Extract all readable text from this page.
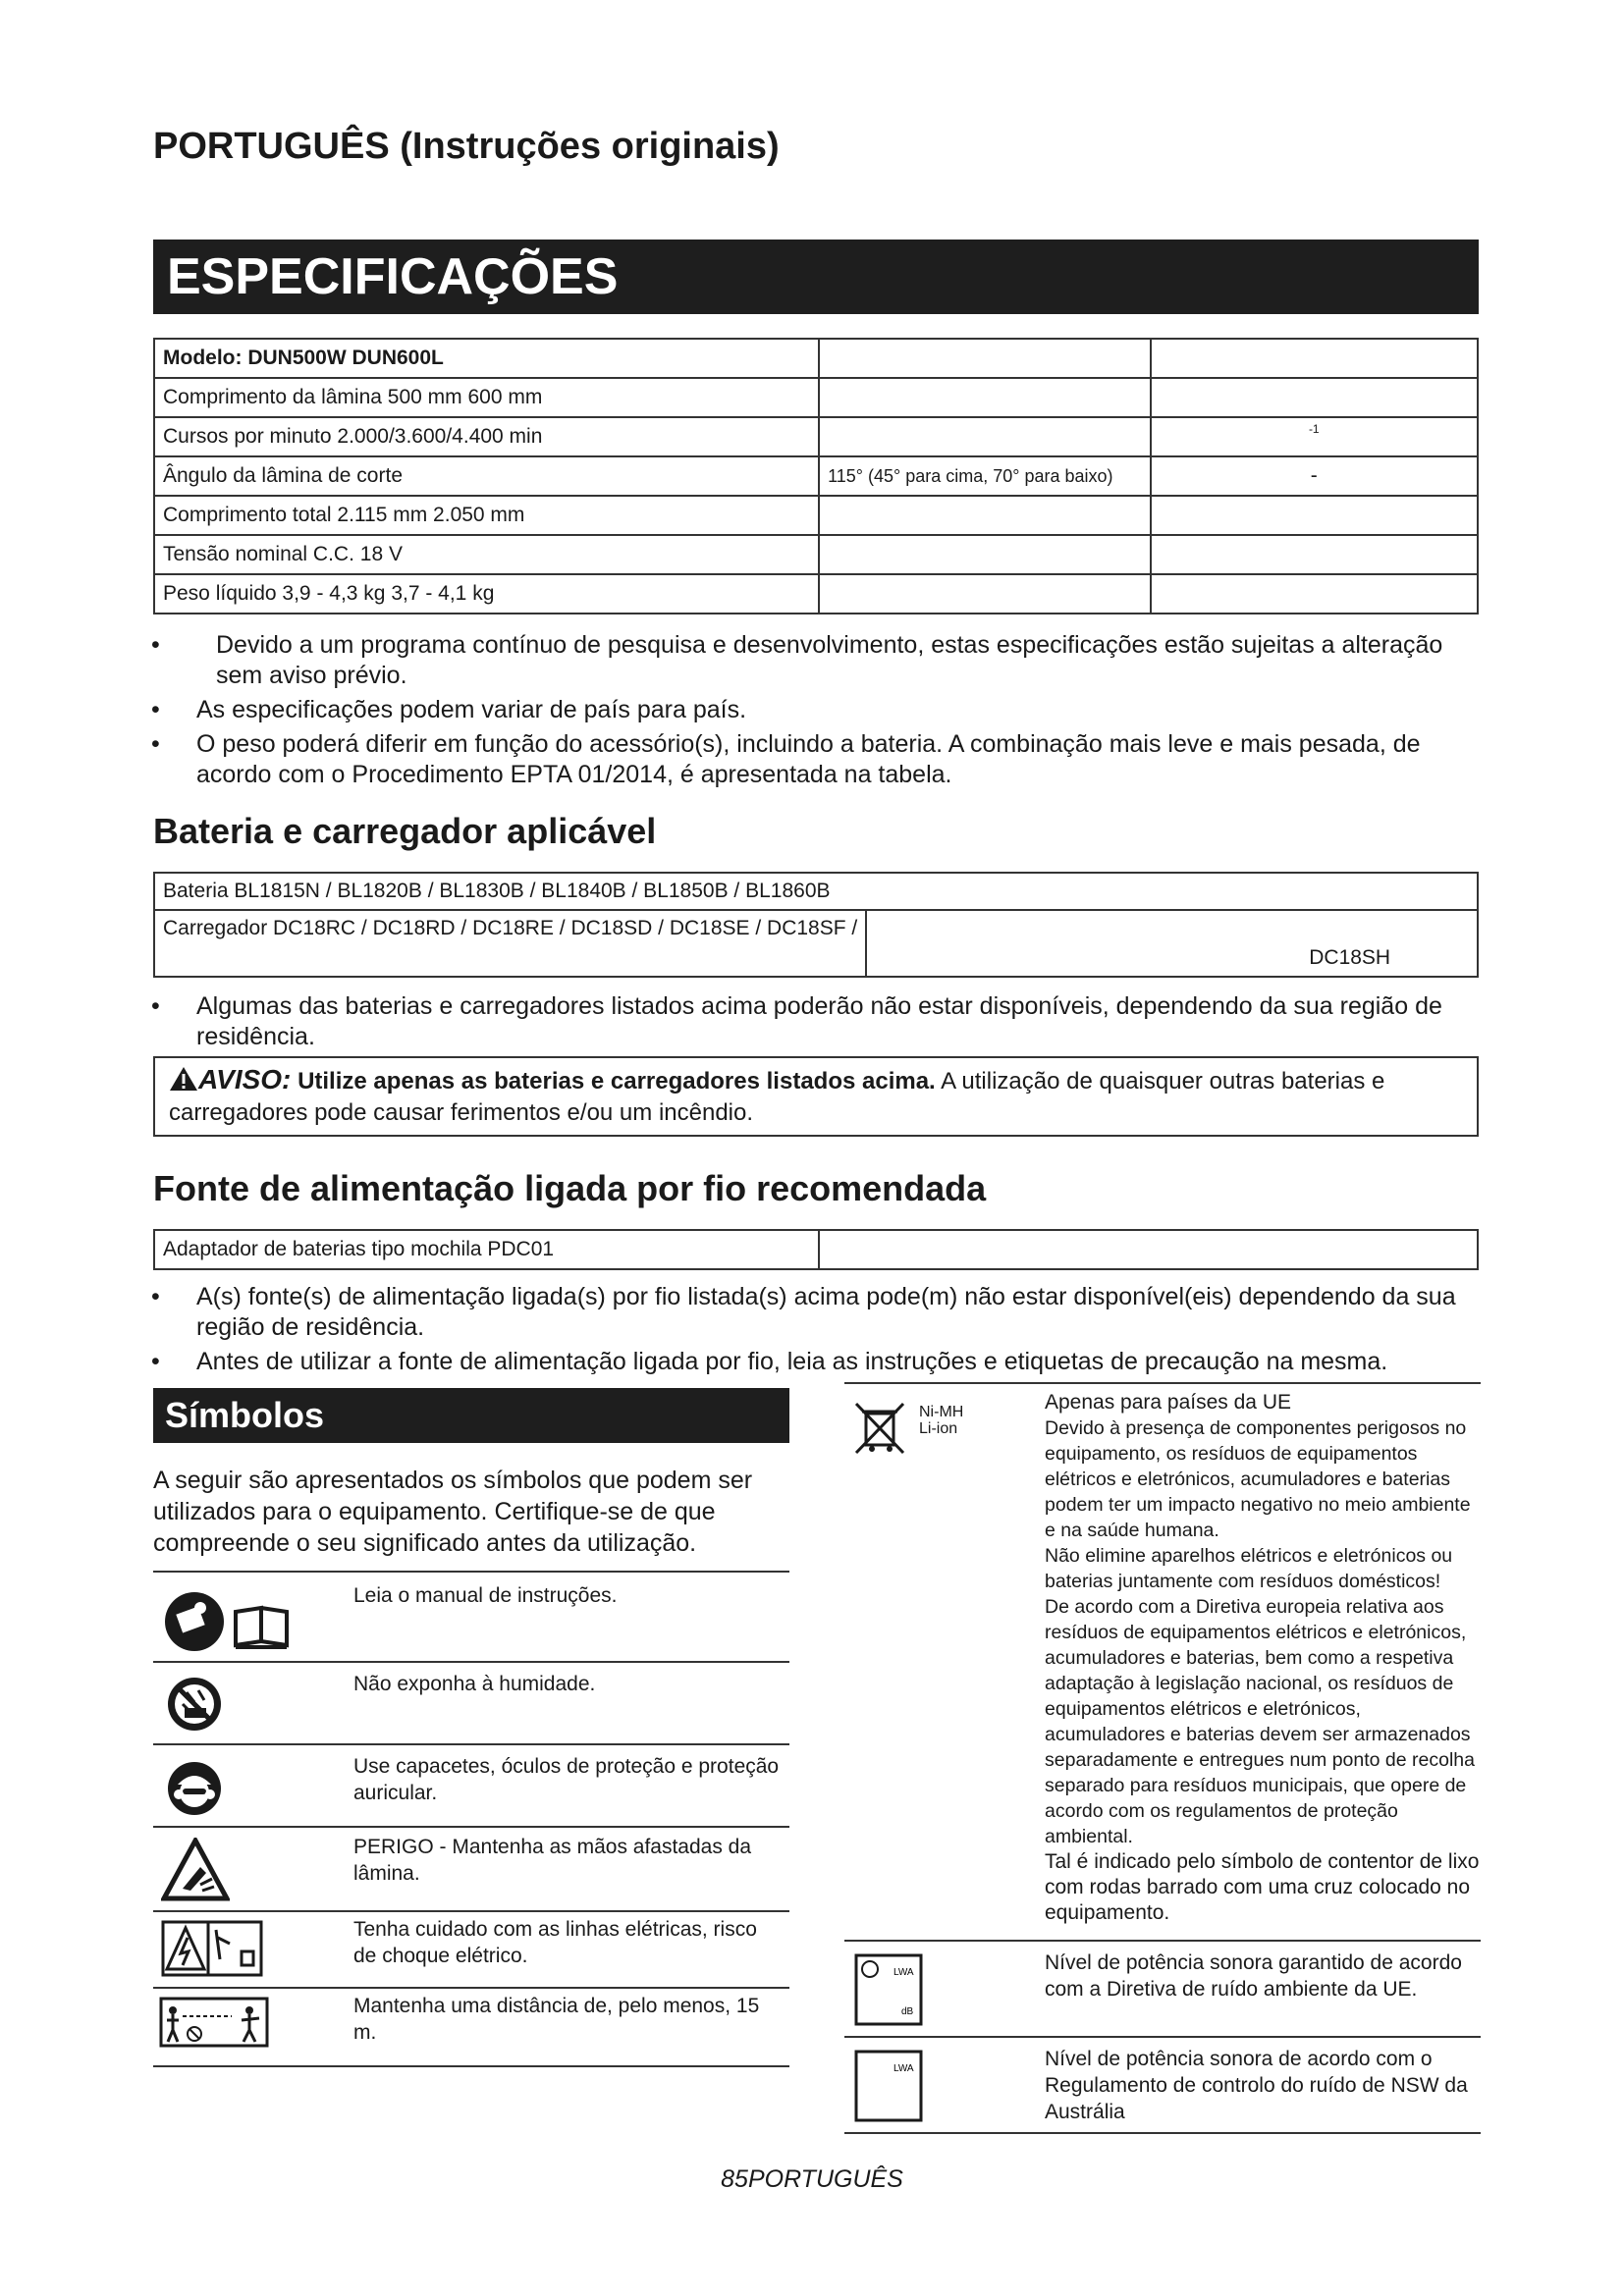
PORTUGUÊS (Instruções originais)
ESPECIFICAÇÕES
Modelo: DUN500W DUN600L		
Comprimento da lâmina 500 mm 600 mm		
Cursos por minuto 2.000/3.600/4.400 min		-1
Ângulo da lâmina de corte	115° (45° para cima, 70° para baixo)	-
Comprimento total 2.115 mm 2.050 mm		
Tensão nominal C.C. 18 V		
Peso líquido 3,9 - 4,3 kg 3,7 - 4,1 kg		
• Devido a um programa contínuo de pesquisa e desenvolvimento, estas especificações estão sujeitas a alteração sem aviso prévio.
• As especificações podem variar de país para país.
• O peso poderá diferir em função do acessório(s), incluindo a bateria. A combinação mais leve e mais pesada, de acordo com o Procedimento EPTA 01/2014, é apresentada na tabela.
Bateria e carregador aplicável
Bateria BL1815N / BL1820B / BL1830B / BL1840B / BL1850B / BL1860B
Carregador DC18RC / DC18RD / DC18RE / DC18SD / DC18SE / DC18SF /	DC18SH
• Algumas das baterias e carregadores listados acima poderão não estar disponíveis, dependendo da sua região de residência.
AVISO: Utilize apenas as baterias e carregadores listados acima. A utilização de quaisquer outras baterias e carregadores pode causar ferimentos e/ou um incêndio.
Fonte de alimentação ligada por fio recomendada
Adaptador de baterias tipo mochila PDC01	
• A(s) fonte(s) de alimentação ligada(s) por fio listada(s) acima pode(m) não estar disponível(eis) dependendo da sua região de residência.
• Antes de utilizar a fonte de alimentação ligada por fio, leia as instruções e etiquetas de precaução na mesma.
Símbolos
A seguir são apresentados os símbolos que podem ser utilizados para o equipamento. Certifique-se de que compreende o seu significado antes da utilização.
Leia o manual de instruções.
Não exponha à humidade.
Use capacetes, óculos de proteção e proteção auricular.
PERIGO - Mantenha as mãos afastadas da lâmina.
Tenha cuidado com as linhas elétricas, risco de choque elétrico.
Mantenha uma distância de, pelo menos, 15 m.
Ni-MH
Li-ion
Apenas para países da UE
Devido à presença de componentes perigosos no equipamento, os resíduos de equipamentos elétricos e eletrónicos, acumuladores e baterias podem ter um impacto negativo no meio ambiente e na saúde humana.
Não elimine aparelhos elétricos e eletrónicos ou baterias juntamente com resíduos domésticos!
De acordo com a Diretiva europeia relativa aos resíduos de equipamentos elétricos e eletrónicos, acumuladores e baterias, bem como a respetiva adaptação à legislação nacional, os resíduos de equipamentos elétricos e eletrónicos, acumuladores e baterias devem ser armazenados separadamente e entregues num ponto de recolha separado para resíduos municipais, que opere de acordo com os regulamentos de proteção ambiental.
Tal é indicado pelo símbolo de contentor de lixo com rodas barrado com uma cruz colocado no equipamento.
LWA
dB
Nível de potência sonora garantido de acordo com a Diretiva de ruído ambiente da UE.
LWA	Nível de potência sonora de acordo com o Regulamento de controlo do ruído de NSW da Austrália
85PORTUGUÊS
